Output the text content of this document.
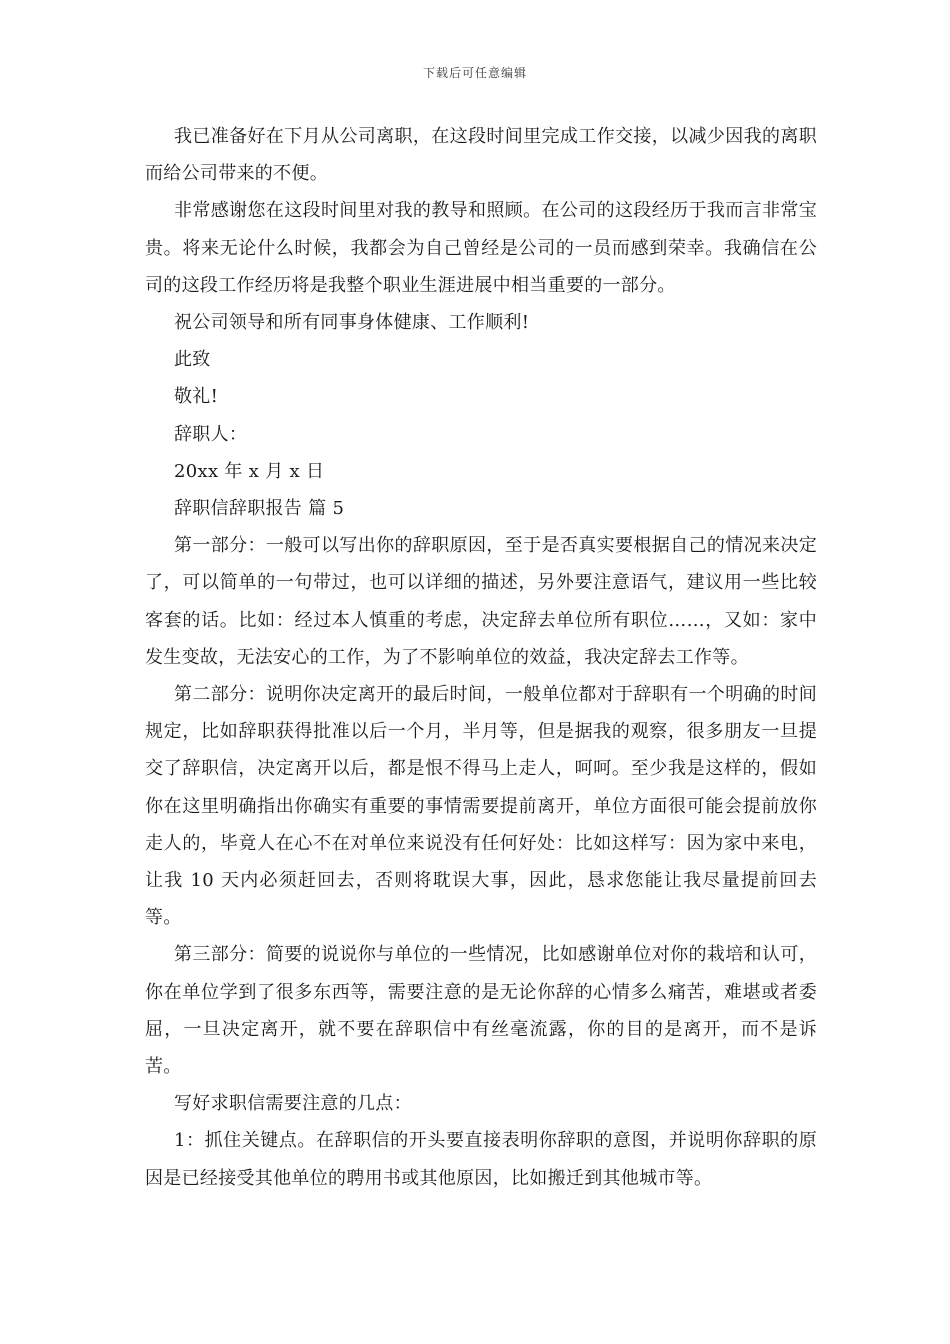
下载后可任意编辑

我已准备好在下月从公司离职，在这段时间里完成工作交接，以减少因我的离职而给公司带来的不便。

非常感谢您在这段时间里对我的教导和照顾。在公司的这段经历于我而言非常宝贵。将来无论什么时候，我都会为自己曾经是公司的一员而感到荣幸。我确信在公司的这段工作经历将是我整个职业生涯进展中相当重要的一部分。

祝公司领导和所有同事身体健康、工作顺利!

此致

敬礼!

辞职人：

20xx 年 x 月 x 日

辞职信辞职报告 篇 5

第一部分：一般可以写出你的辞职原因，至于是否真实要根据自己的情况来决定了，可以简单的一句带过，也可以详细的描述，另外要注意语气，建议用一些比较客套的话。比如：经过本人慎重的考虑，决定辞去单位所有职位……，又如：家中发生变故，无法安心的工作，为了不影响单位的效益，我决定辞去工作等。

第二部分：说明你决定离开的最后时间，一般单位都对于辞职有一个明确的时间规定，比如辞职获得批准以后一个月，半月等，但是据我的观察，很多朋友一旦提交了辞职信，决定离开以后，都是恨不得马上走人，呵呵。至少我是这样的，假如你在这里明确指出你确实有重要的事情需要提前离开，单位方面很可能会提前放你走人的，毕竟人在心不在对单位来说没有任何好处：比如这样写：因为家中来电，让我 10 天内必须赶回去，否则将耽误大事，因此，恳求您能让我尽量提前回去等。

第三部分：简要的说说你与单位的一些情况，比如感谢单位对你的栽培和认可，你在单位学到了很多东西等，需要注意的是无论你辞的心情多么痛苦，难堪或者委屈，一旦决定离开，就不要在辞职信中有丝毫流露，你的目的是离开，而不是诉苦。

写好求职信需要注意的几点：

1：抓住关键点。在辞职信的开头要直接表明你辞职的意图，并说明你辞职的原因是已经接受其他单位的聘用书或其他原因，比如搬迁到其他城市等。
